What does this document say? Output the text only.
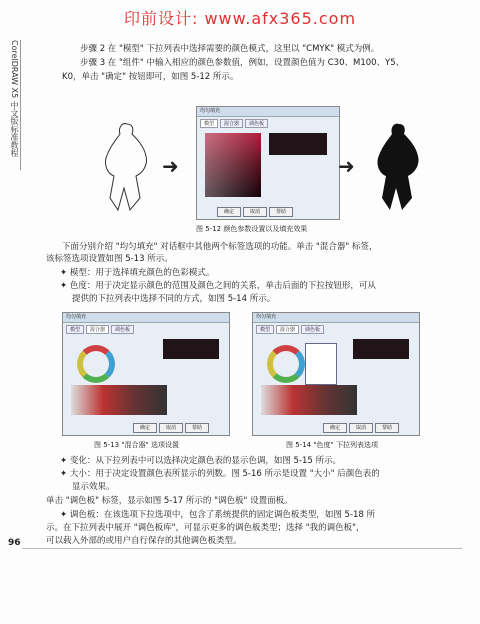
印前设计: www.afx365.com
CorelDRAW X5 中文版标准教程	步骤 2 在 "模型" 下拉列表中选择需要的颜色模式，这里以 "CMYK" 模式为例。
步骤 3 在 "组件" 中输入相应的颜色参数值，例如，设置颜色值为 C30、M100、Y5、
K0，单击 "确定" 按钮即可，如图 5-12 所示。
➜
均匀填充
模型	混合器	调色板
确定	取消	帮助
➜
图 5-12 颜色参数设置以及填充效果
下面分别介绍 "均匀填充" 对话框中其他两个标签选项的功能。单击 "混合器" 标签，
该标签选项设置如图 5-13 所示。
✦ 模型：用于选择填充颜色的色彩模式。
✦ 色度：用于决定显示颜色的范围及颜色之间的关系，单击后面的下拉按钮形，可从
提供的下拉列表中选择不同的方式，如图 5-14 所示。
均匀填充
模型	混合器	调色板
确定	取消	帮助
均匀填充
模型	混合器	调色板
确定	取消	帮助
图 5-13 "混合器" 选项设置	图 5-14 "色度" 下拉列表选项
✦ 变化：从下拉列表中可以选择决定颜色表的显示色调，如图 5-15 所示。
✦ 大小：用于决定设置颜色表所显示的列数。图 5-16 所示是设置 "大小" 后颜色表的
显示效果。
单击 "调色板" 标签，显示如图 5-17 所示的 "调色板" 设置面板。
✦ 调色板：在该选项下拉选项中，包含了系统提供的固定调色板类型，如图 5-18 所
示。在下拉列表中展开 "调色板库"，可显示更多的调色板类型；选择 "我的调色板"，
可以载入外部的或用户自行保存的其他调色板类型。
96
